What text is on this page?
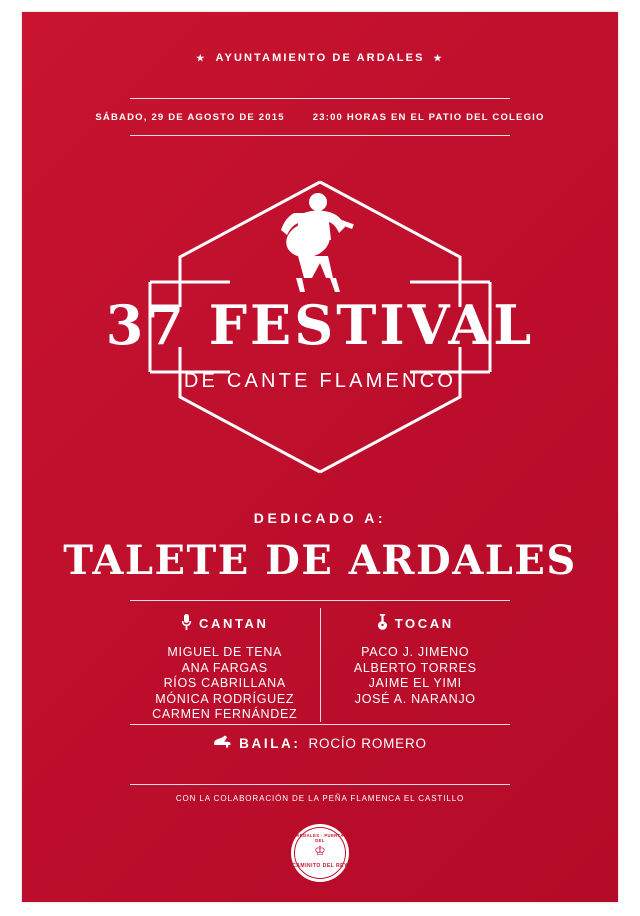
★ AYUNTAMIENTO DE ARDALES ★
SÁBADO, 29 DE AGOSTO DE 2015	23:00 HORAS EN EL PATIO DEL COLEGIO
37 FESTIVAL
DE CANTE FLAMENCO
DEDICADO A:
TALETE DE ARDALES
CANTAN
MIGUEL DE TENA
ANA FARGAS
RÍOS CABRILLANA
MÓNICA RODRÍGUEZ
CARMEN FERNÁNDEZ
TOCAN
PACO J. JIMENO
ALBERTO TORRES
JAIME EL YIMI
JOSÉ A. NARANJO
BAILA: ROCÍO ROMERO
CON LA COLABORACIÓN DE LA PEÑA FLAMENCA EL CASTILLO
ARDALES · PUERTA DEL
♔
CAMINITO DEL REY
